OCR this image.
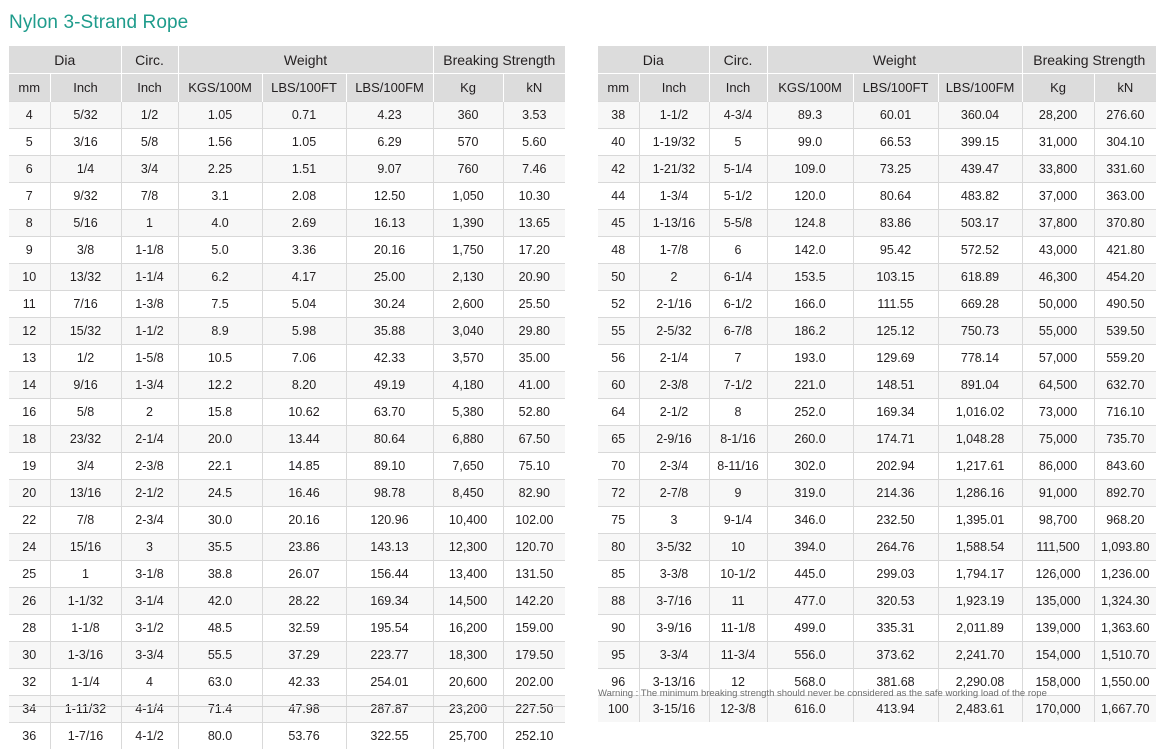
Nylon 3-Strand Rope
Dia		Circ.	Weight			Breaking Strength	
mm	Inch	Inch	KGS/100M	LBS/100FT	LBS/100FM	Kg	kN
4	5/32	1/2	1.05	0.71	4.23	360	3.53
5	3/16	5/8	1.56	1.05	6.29	570	5.60
6	1/4	3/4	2.25	1.51	9.07	760	7.46
7	9/32	7/8	3.1	2.08	12.50	1,050	10.30
8	5/16	1	4.0	2.69	16.13	1,390	13.65
9	3/8	1-1/8	5.0	3.36	20.16	1,750	17.20
10	13/32	1-1/4	6.2	4.17	25.00	2,130	20.90
11	7/16	1-3/8	7.5	5.04	30.24	2,600	25.50
12	15/32	1-1/2	8.9	5.98	35.88	3,040	29.80
13	1/2	1-5/8	10.5	7.06	42.33	3,570	35.00
14	9/16	1-3/4	12.2	8.20	49.19	4,180	41.00
16	5/8	2	15.8	10.62	63.70	5,380	52.80
18	23/32	2-1/4	20.0	13.44	80.64	6,880	67.50
19	3/4	2-3/8	22.1	14.85	89.10	7,650	75.10
20	13/16	2-1/2	24.5	16.46	98.78	8,450	82.90
22	7/8	2-3/4	30.0	20.16	120.96	10,400	102.00
24	15/16	3	35.5	23.86	143.13	12,300	120.70
25	1	3-1/8	38.8	26.07	156.44	13,400	131.50
26	1-1/32	3-1/4	42.0	28.22	169.34	14,500	142.20
28	1-1/8	3-1/2	48.5	32.59	195.54	16,200	159.00
30	1-3/16	3-3/4	55.5	37.29	223.77	18,300	179.50
32	1-1/4	4	63.0	42.33	254.01	20,600	202.00
34	1-11/32	4-1/4	71.4	47.98	287.87	23,200	227.50
36	1-7/16	4-1/2	80.0	53.76	322.55	25,700	252.10
Dia		Circ.	Weight			Breaking Strength	
mm	Inch	Inch	KGS/100M	LBS/100FT	LBS/100FM	Kg	kN
38	1-1/2	4-3/4	89.3	60.01	360.04	28,200	276.60
40	1-19/32	5	99.0	66.53	399.15	31,000	304.10
42	1-21/32	5-1/4	109.0	73.25	439.47	33,800	331.60
44	1-3/4	5-1/2	120.0	80.64	483.82	37,000	363.00
45	1-13/16	5-5/8	124.8	83.86	503.17	37,800	370.80
48	1-7/8	6	142.0	95.42	572.52	43,000	421.80
50	2	6-1/4	153.5	103.15	618.89	46,300	454.20
52	2-1/16	6-1/2	166.0	111.55	669.28	50,000	490.50
55	2-5/32	6-7/8	186.2	125.12	750.73	55,000	539.50
56	2-1/4	7	193.0	129.69	778.14	57,000	559.20
60	2-3/8	7-1/2	221.0	148.51	891.04	64,500	632.70
64	2-1/2	8	252.0	169.34	1,016.02	73,000	716.10
65	2-9/16	8-1/16	260.0	174.71	1,048.28	75,000	735.70
70	2-3/4	8-11/16	302.0	202.94	1,217.61	86,000	843.60
72	2-7/8	9	319.0	214.36	1,286.16	91,000	892.70
75	3	9-1/4	346.0	232.50	1,395.01	98,700	968.20
80	3-5/32	10	394.0	264.76	1,588.54	111,500	1,093.80
85	3-3/8	10-1/2	445.0	299.03	1,794.17	126,000	1,236.00
88	3-7/16	11	477.0	320.53	1,923.19	135,000	1,324.30
90	3-9/16	11-1/8	499.0	335.31	2,011.89	139,000	1,363.60
95	3-3/4	11-3/4	556.0	373.62	2,241.70	154,000	1,510.70
96	3-13/16	12	568.0	381.68	2,290.08	158,000	1,550.00
100	3-15/16	12-3/8	616.0	413.94	2,483.61	170,000	1,667.70
Warning : The minimum breaking strength should never be considered as the safe working load of the rope
